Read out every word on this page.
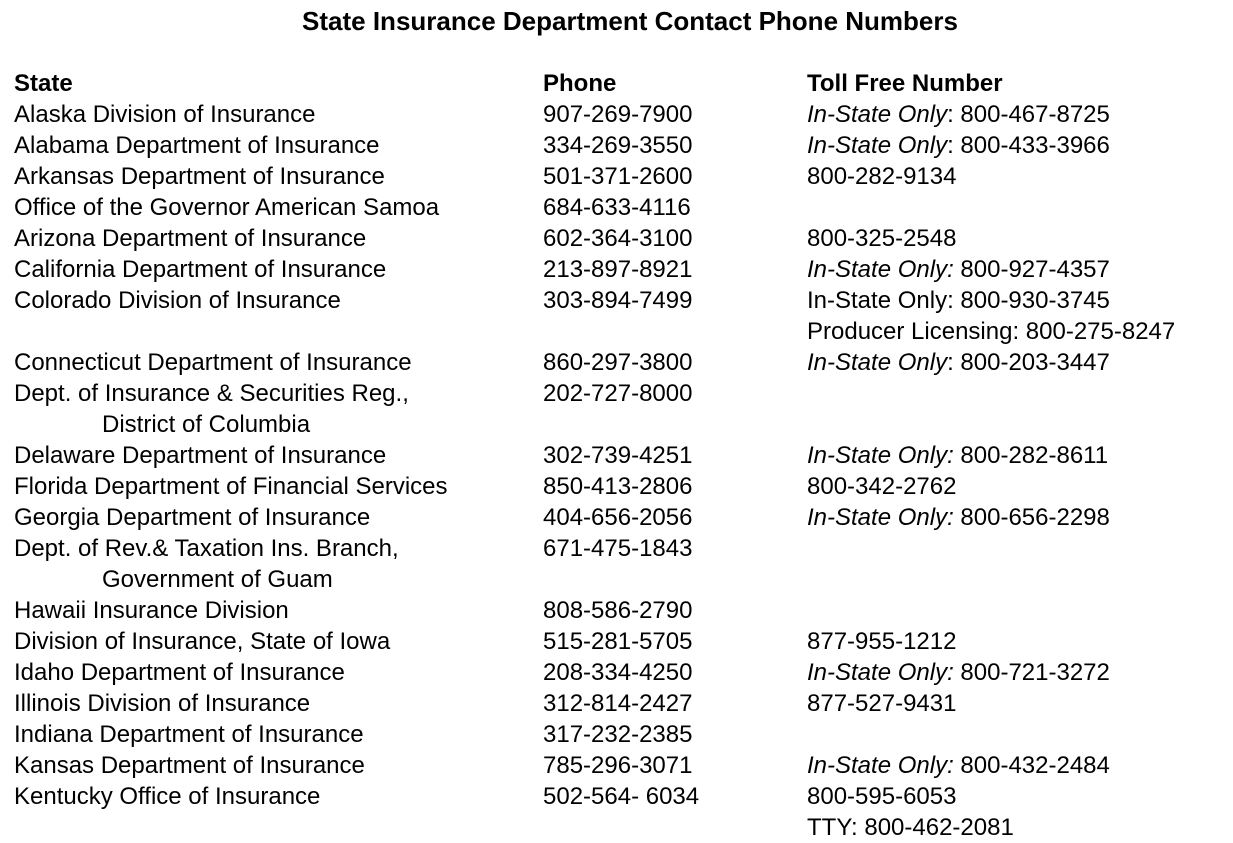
State Insurance Department Contact Phone Numbers
State	Phone	Toll Free Number
Alaska Division of Insurance	907-269-7900	In-State Only: 800-467-8725
Alabama Department of Insurance	334-269-3550	In-State Only: 800-433-3966
Arkansas Department of Insurance	501-371-2600	800-282-9134
Office of the Governor American Samoa	684-633-4116
Arizona Department of Insurance	602-364-3100	800-325-2548
California Department of Insurance	213-897-8921	In-State Only: 800-927-4357
Colorado Division of Insurance	303-894-7499	In-State Only: 800-930-3745
Producer Licensing: 800-275-8247
Connecticut Department of Insurance	860-297-3800	In-State Only: 800-203-3447
Dept. of Insurance & Securities Reg.,	202-727-8000
District of Columbia
Delaware Department of Insurance	302-739-4251	In-State Only: 800-282-8611
Florida Department of Financial Services	850-413-2806	800-342-2762
Georgia Department of Insurance	404-656-2056	In-State Only: 800-656-2298
Dept. of Rev.& Taxation Ins. Branch,	671-475-1843
Government of Guam
Hawaii Insurance Division	808-586-2790
Division of Insurance, State of Iowa	515-281-5705	877-955-1212
Idaho Department of Insurance	208-334-4250	In-State Only: 800-721-3272
Illinois Division of Insurance	312-814-2427	877-527-9431
Indiana Department of Insurance	317-232-2385
Kansas Department of Insurance	785-296-3071	In-State Only: 800-432-2484
Kentucky Office of Insurance	502-564- 6034	800-595-6053
TTY: 800-462-2081
